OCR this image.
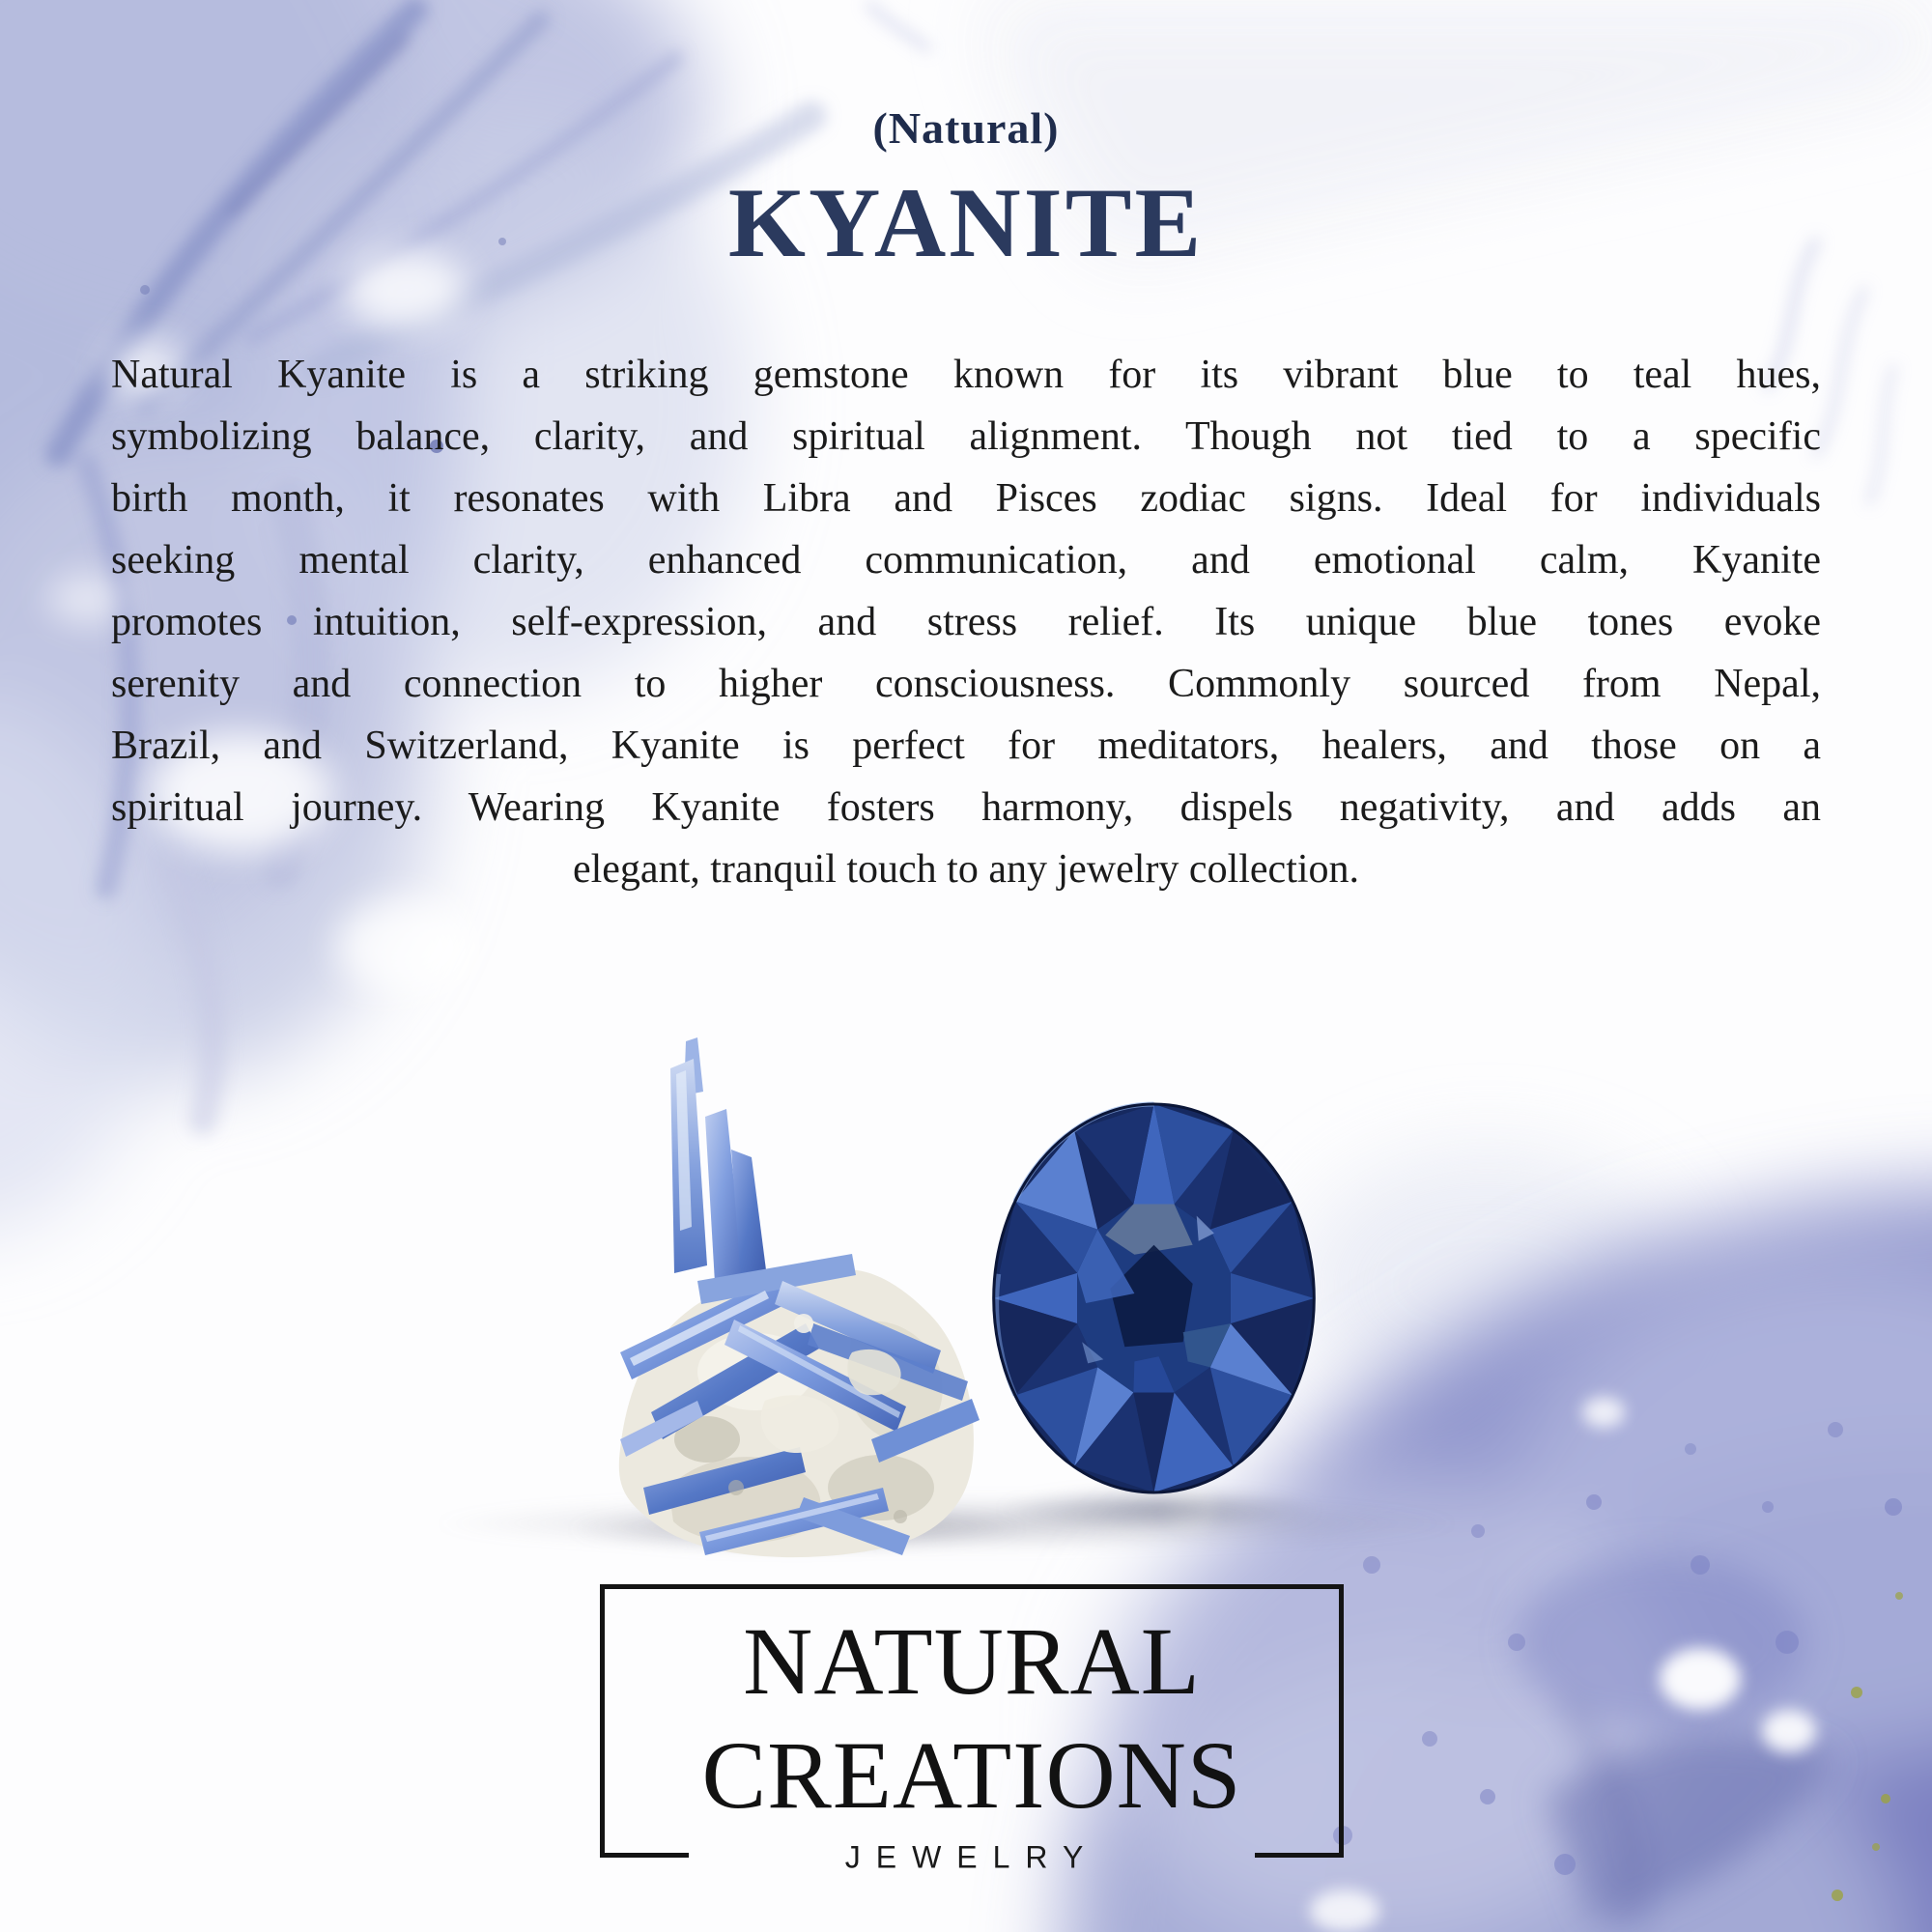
(Natural)
KYANITE
Natural Kyanite is a striking gemstone known for its vibrant blue to teal hues,
symbolizing balance, clarity, and spiritual alignment. Though not tied to a specific
birth month, it resonates with Libra and Pisces zodiac signs. Ideal for individuals
seeking mental clarity, enhanced communication, and emotional calm, Kyanite
promotes intuition, self-expression, and stress relief. Its unique blue tones evoke
serenity and connection to higher consciousness. Commonly sourced from Nepal,
Brazil, and Switzerland, Kyanite is perfect for meditators, healers, and those on a
spiritual journey. Wearing Kyanite fosters harmony, dispels negativity, and adds an
elegant, tranquil touch to any jewelry collection.
NATURAL
CREATIONS
JEWELRY
